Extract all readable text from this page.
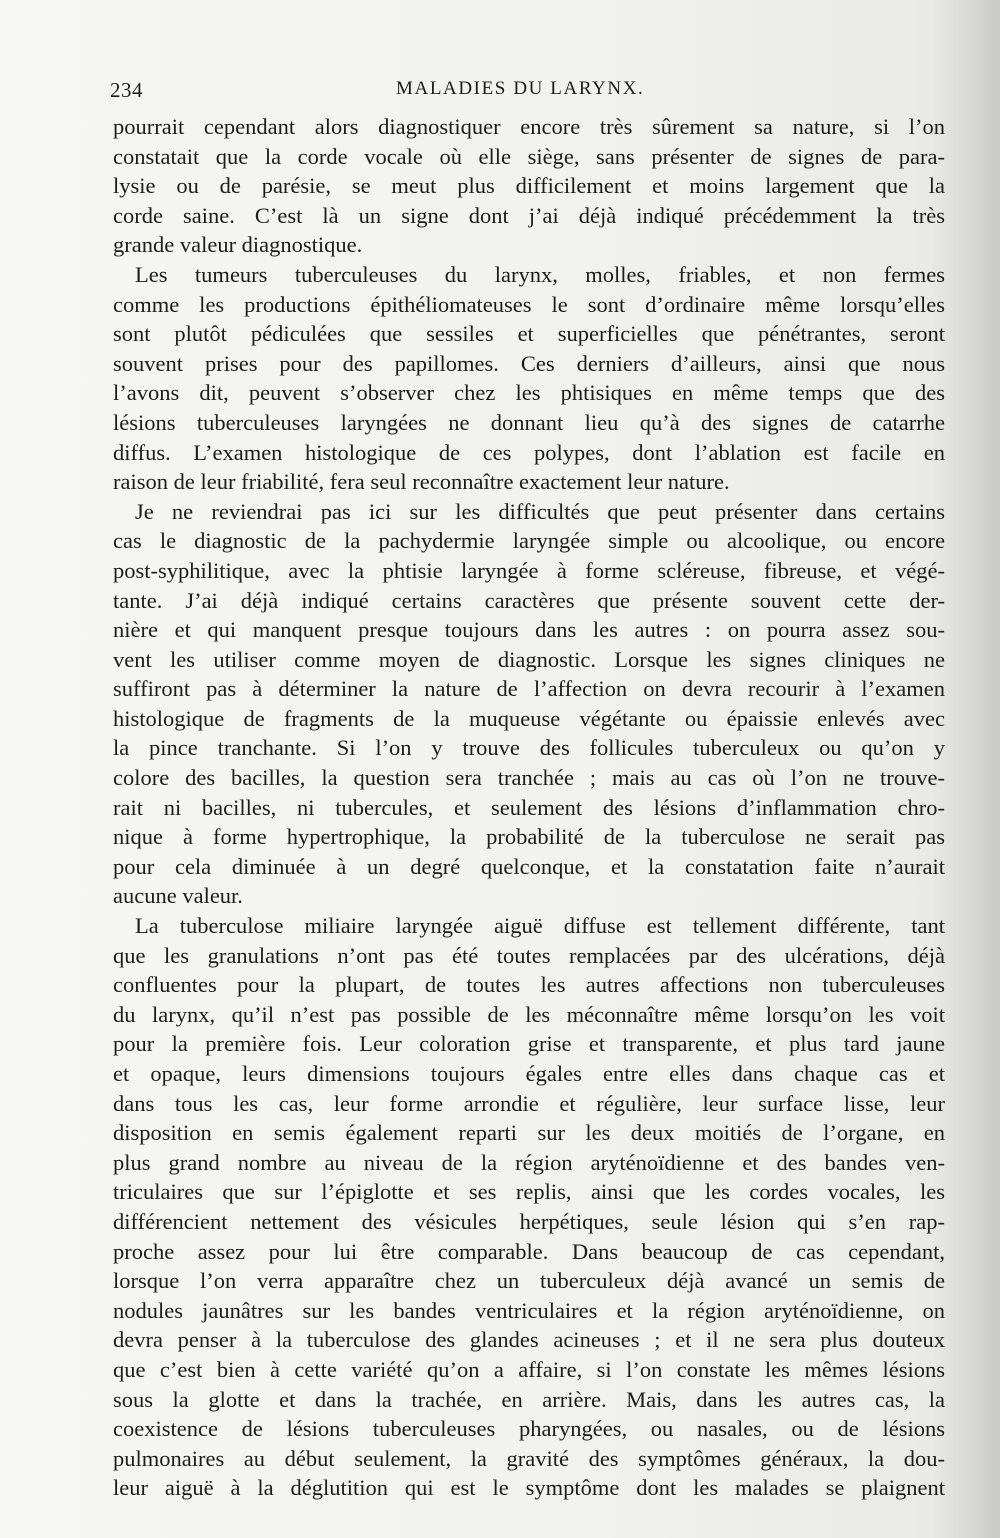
234	MALADIES DU LARYNX.
pourrait cependant alors diagnostiquer encore très sûrement sa nature, si l’on
constatait que la corde vocale où elle siège, sans présenter de signes de para-
lysie ou de parésie, se meut plus difficilement et moins largement que la
corde saine. C’est là un signe dont j’ai déjà indiqué précédemment la très
grande valeur diagnostique.
Les tumeurs tuberculeuses du larynx, molles, friables, et non fermes
comme les productions épithéliomateuses le sont d’ordinaire même lorsqu’elles
sont plutôt pédiculées que sessiles et superficielles que pénétrantes, seront
souvent prises pour des papillomes. Ces derniers d’ailleurs, ainsi que nous
l’avons dit, peuvent s’observer chez les phtisiques en même temps que des
lésions tuberculeuses laryngées ne donnant lieu qu’à des signes de catarrhe
diffus. L’examen histologique de ces polypes, dont l’ablation est facile en
raison de leur friabilité, fera seul reconnaître exactement leur nature.
Je ne reviendrai pas ici sur les difficultés que peut présenter dans certains
cas le diagnostic de la pachydermie laryngée simple ou alcoolique, ou encore
post-syphilitique, avec la phtisie laryngée à forme scléreuse, fibreuse, et végé-
tante. J’ai déjà indiqué certains caractères que présente souvent cette der-
nière et qui manquent presque toujours dans les autres : on pourra assez sou-
vent les utiliser comme moyen de diagnostic. Lorsque les signes cliniques ne
suffiront pas à déterminer la nature de l’affection on devra recourir à l’examen
histologique de fragments de la muqueuse végétante ou épaissie enlevés avec
la pince tranchante. Si l’on y trouve des follicules tuberculeux ou qu’on y
colore des bacilles, la question sera tranchée ; mais au cas où l’on ne trouve-
rait ni bacilles, ni tubercules, et seulement des lésions d’inflammation chro-
nique à forme hypertrophique, la probabilité de la tuberculose ne serait pas
pour cela diminuée à un degré quelconque, et la constatation faite n’aurait
aucune valeur.
La tuberculose miliaire laryngée aiguë diffuse est tellement différente, tant
que les granulations n’ont pas été toutes remplacées par des ulcérations, déjà
confluentes pour la plupart, de toutes les autres affections non tuberculeuses
du larynx, qu’il n’est pas possible de les méconnaître même lorsqu’on les voit
pour la première fois. Leur coloration grise et transparente, et plus tard jaune
et opaque, leurs dimensions toujours égales entre elles dans chaque cas et
dans tous les cas, leur forme arrondie et régulière, leur surface lisse, leur
disposition en semis également reparti sur les deux moitiés de l’organe, en
plus grand nombre au niveau de la région aryténoïdienne et des bandes ven-
triculaires que sur l’épiglotte et ses replis, ainsi que les cordes vocales, les
différencient nettement des vésicules herpétiques, seule lésion qui s’en rap-
proche assez pour lui être comparable. Dans beaucoup de cas cependant,
lorsque l’on verra apparaître chez un tuberculeux déjà avancé un semis de
nodules jaunâtres sur les bandes ventriculaires et la région aryténoïdienne, on
devra penser à la tuberculose des glandes acineuses ; et il ne sera plus douteux
que c’est bien à cette variété qu’on a affaire, si l’on constate les mêmes lésions
sous la glotte et dans la trachée, en arrière. Mais, dans les autres cas, la
coexistence de lésions tuberculeuses pharyngées, ou nasales, ou de lésions
pulmonaires au début seulement, la gravité des symptômes généraux, la dou-
leur aiguë à la déglutition qui est le symptôme dont les malades se plaignent
